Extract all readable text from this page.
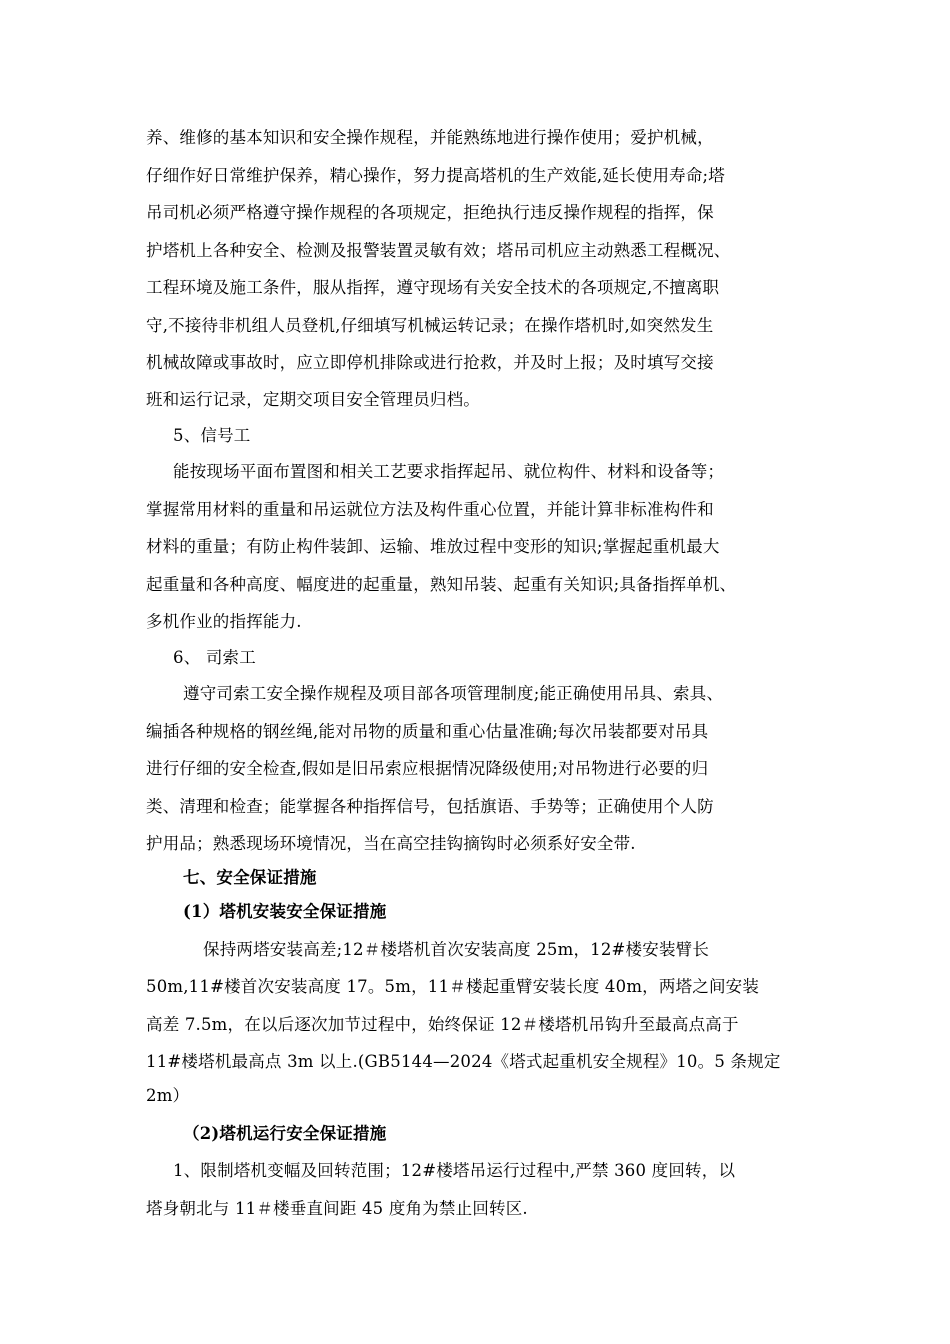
养、维修的基本知识和安全操作规程，并能熟练地进行操作使用；爱护机械，
仔细作好日常维护保养，精心操作，努力提高塔机的生产效能,延长使用寿命;塔
吊司机必须严格遵守操作规程的各项规定，拒绝执行违反操作规程的指挥，保
护塔机上各种安全、检测及报警装置灵敏有效；塔吊司机应主动熟悉工程概况、
工程环境及施工条件，服从指挥，遵守现场有关安全技术的各项规定,不擅离职
守,不接待非机组人员登机,仔细填写机械运转记录；在操作塔机时,如突然发生
机械故障或事故时，应立即停机排除或进行抢救，并及时上报；及时填写交接
班和运行记录，定期交项目安全管理员归档。
5、信号工
能按现场平面布置图和相关工艺要求指挥起吊、就位构件、材料和设备等；
掌握常用材料的重量和吊运就位方法及构件重心位置，并能计算非标准构件和
材料的重量；有防止构件装卸、运输、堆放过程中变形的知识;掌握起重机最大
起重量和各种高度、幅度进的起重量，熟知吊装、起重有关知识;具备指挥单机、
多机作业的指挥能力.
6、 司索工
遵守司索工安全操作规程及项目部各项管理制度;能正确使用吊具、索具、
编插各种规格的钢丝绳,能对吊物的质量和重心估量准确;每次吊装都要对吊具
进行仔细的安全检查,假如是旧吊索应根据情况降级使用;对吊物进行必要的归
类、清理和检查；能掌握各种指挥信号，包括旗语、手势等；正确使用个人防
护用品；熟悉现场环境情况，当在高空挂钩摘钩时必须系好安全带.
七、安全保证措施
(1）塔机安装安全保证措施
保持两塔安装高差;12＃楼塔机首次安装高度 25m，12#楼安装臂长
50m,11#楼首次安装高度 17。5m，11＃楼起重臂安装长度 40m，两塔之间安装
高差 7.5m，在以后逐次加节过程中，始终保证 12＃楼塔机吊钩升至最高点高于
11#楼塔机最高点 3m 以上.(GB5144—2024《塔式起重机安全规程》10。5 条规定
2m）
（2)塔机运行安全保证措施
1、限制塔机变幅及回转范围；12#楼塔吊运行过程中,严禁 360 度回转，以
塔身朝北与 11＃楼垂直间距 45 度角为禁止回转区.
